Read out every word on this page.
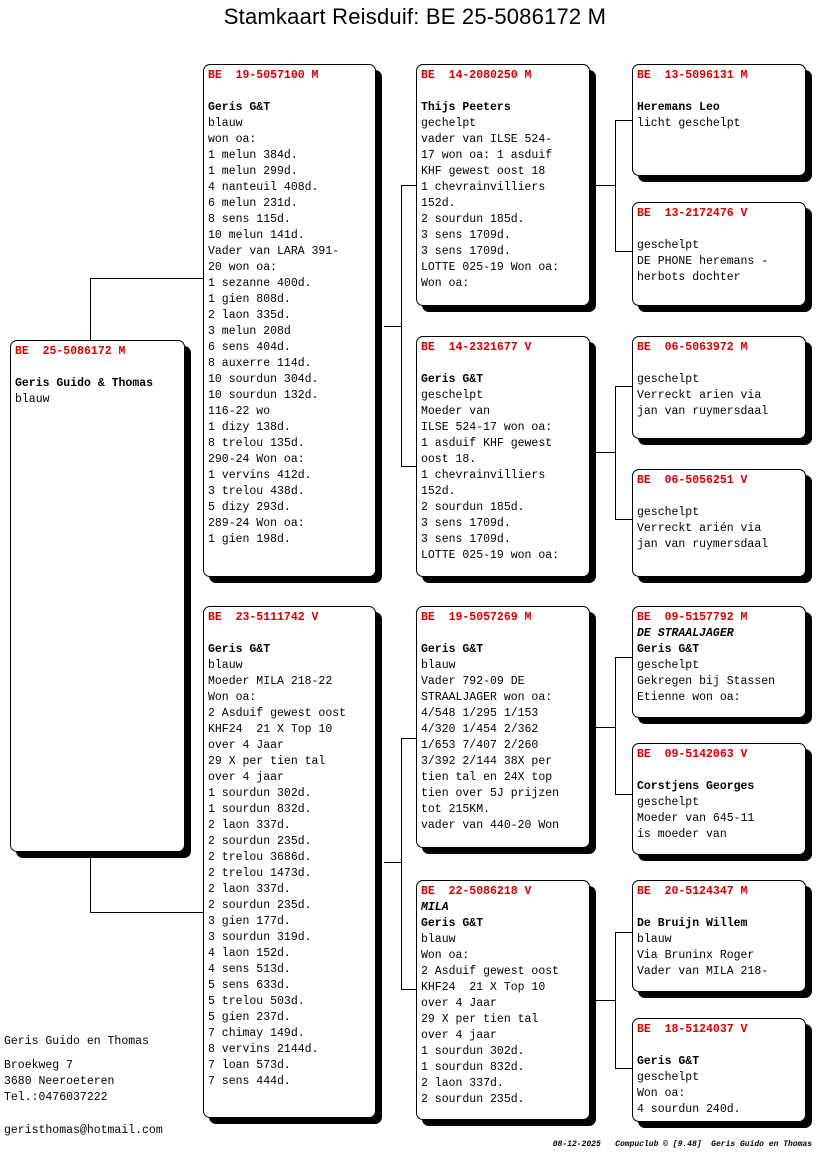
Stamkaart Reisduif: BE 25-5086172 M
BE  25-5086172 M
Geris Guido & Thomas
blauw
BE  19-5057100 M
Geris G&T
blauw
won oa:
1 melun 384d.
1 melun 299d.
4 nanteuil 408d.
6 melun 231d.
8 sens 115d.
10 melun 141d.
Vader van LARA 391-
20 won oa:
1 sezanne 400d.
1 gien 808d.
2 laon 335d.
3 melun 208d
6 sens 404d.
8 auxerre 114d.
10 sourdun 304d.
10 sourdun 132d.
116-22 wo
1 dizy 138d.
8 trelou 135d.
290-24 Won oa:
1 vervins 412d.
3 trelou 438d.
5 dizy 293d.
289-24 Won oa:
1 gien 198d.
BE  23-5111742 V
Geris G&T
blauw
Moeder MILA 218-22
Won oa:
2 Asduif gewest oost
KHF24  21 X Top 10
over 4 Jaar
29 X per tien tal
over 4 jaar
1 sourdun 302d.
1 sourdun 832d.
2 laon 337d.
2 sourdun 235d.
2 trelou 3686d.
2 trelou 1473d.
2 laon 337d.
2 sourdun 235d.
3 gien 177d.
3 sourdun 319d.
4 laon 152d.
4 sens 513d.
5 sens 633d.
5 trelou 503d.
5 gien 237d.
7 chimay 149d.
8 vervins 2144d.
7 loan 573d.
7 sens 444d.
BE  14-2080250 M
Thijs Peeters
gechelpt
vader van ILSE 524-
17 won oa: 1 asduif
KHF gewest oost 18
1 chevrainvilliers
152d.
2 sourdun 185d.
3 sens 1709d.
3 sens 1709d.
LOTTE 025-19 Won oa:
Won oa:
BE  14-2321677 V
Geris G&T
geschelpt
Moeder van
ILSE 524-17 won oa:
1 asduif KHF gewest
oost 18.
1 chevrainvilliers
152d.
2 sourdun 185d.
3 sens 1709d.
3 sens 1709d.
LOTTE 025-19 won oa:
BE  19-5057269 M
Geris G&T
blauw
Vader 792-09 DE
STRAALJAGER won oa:
4/548 1/295 1/153
4/320 1/454 2/362
1/653 7/407 2/260
3/392 2/144 38X per
tien tal en 24X top
tien over 5J prijzen
tot 215KM.
vader van 440-20 Won
BE  22-5086218 V
MILA
Geris G&T
blauw
Won oa:
2 Asduif gewest oost
KHF24  21 X Top 10
over 4 Jaar
29 X per tien tal
over 4 jaar
1 sourdun 302d.
1 sourdun 832d.
2 laon 337d.
2 sourdun 235d.
BE  13-5096131 M
Heremans Leo
licht geschelpt
BE  13-2172476 V
geschelpt
DE PHONE heremans -
herbots dochter
BE  06-5063972 M
geschelpt
Verreckt arien via
jan van ruymersdaal
BE  06-5056251 V
geschelpt
Verreckt arién via
jan van ruymersdaal
BE  09-5157792 M
DE STRAALJAGER
Geris G&T
geschelpt
Gekregen bij Stassen
Etienne won oa:
BE  09-5142063 V
Corstjens Georges
geschelpt
Moeder van 645-11
is moeder van
BE  20-5124347 M
De Bruijn Willem
blauw
Via Bruninx Roger
Vader van MILA 218-
BE  18-5124037 V
Geris G&T
geschelpt
Won oa:
4 sourdun 240d.
Geris Guido en Thomas
Broekweg 7
3680 Neeroeteren
Tel.:0476037222
geristhomas@hotmail.com
08-12-2025   Compuclub © [9.48]  Geris Guido en Thomas
